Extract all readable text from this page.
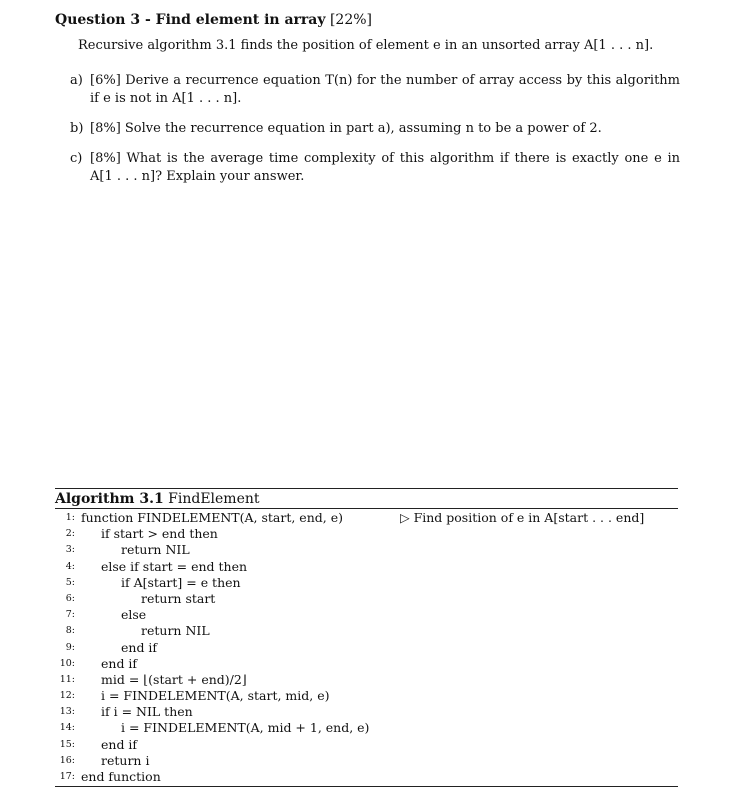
Question 3 - Find element in array [22%]
Recursive algorithm 3.1 finds the position of element e in an unsorted array A[1 . . . n].
a) [6%] Derive a recurrence equation T(n) for the number of array access by this algorithm if e is not in A[1 . . . n].
b) [8%] Solve the recurrence equation in part a), assuming n to be a power of 2.
c) [8%] What is the average time complexity of this algorithm if there is exactly one e in A[1 . . . n]? Explain your answer.
Algorithm 3.1 FindElement
1: function FINDELEMENT(A, start, end, e)	▷ Find position of e in A[start . . . end]
2: if start > end then
3:	return NIL
4: else if start = end then
5:	if A[start] = e then
6:	return start
7:	else
8:	return NIL
9:	end if
10: end if
11: mid = ⌊(start + end)/2⌋
12: i = FINDELEMENT(A, start, mid, e)
13: if i = NIL then
14:	i = FINDELEMENT(A, mid + 1, end, e)
15: end if
16: return i
17: end function
